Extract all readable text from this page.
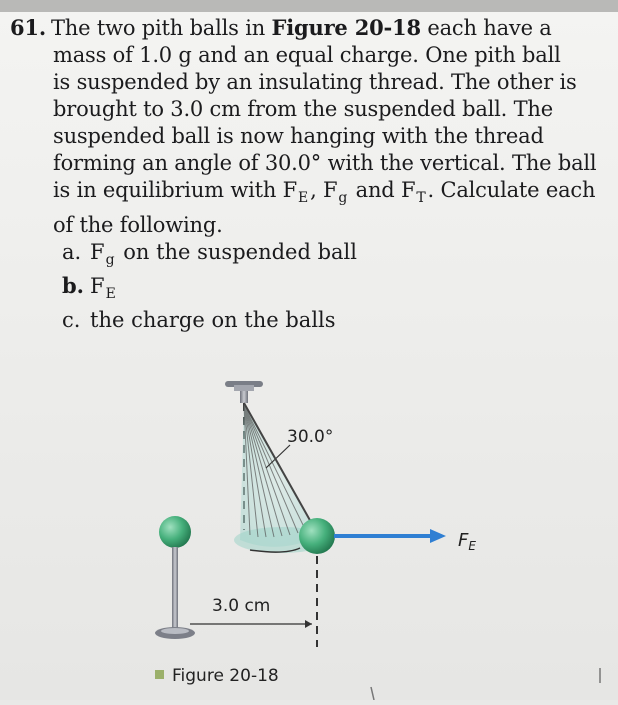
61. The two pith balls in Figure 20-18 each have a
mass of 1.0 g and an equal charge. One pith ball
is suspended by an insulating thread. The other is
brought to 3.0 cm from the suspended ball. The
suspended ball is now hanging with the thread
forming an angle of 30.0° with the vertical. The ball
is in equilibrium with $F_E$, $F_g$ and $F_T$. Calculate each
of the following.
a. $F_g$ on the suspended ball
b. $F_E$
c. the charge on the balls
30.0°
$F_E$
3.0 cm
Figure 20-18
